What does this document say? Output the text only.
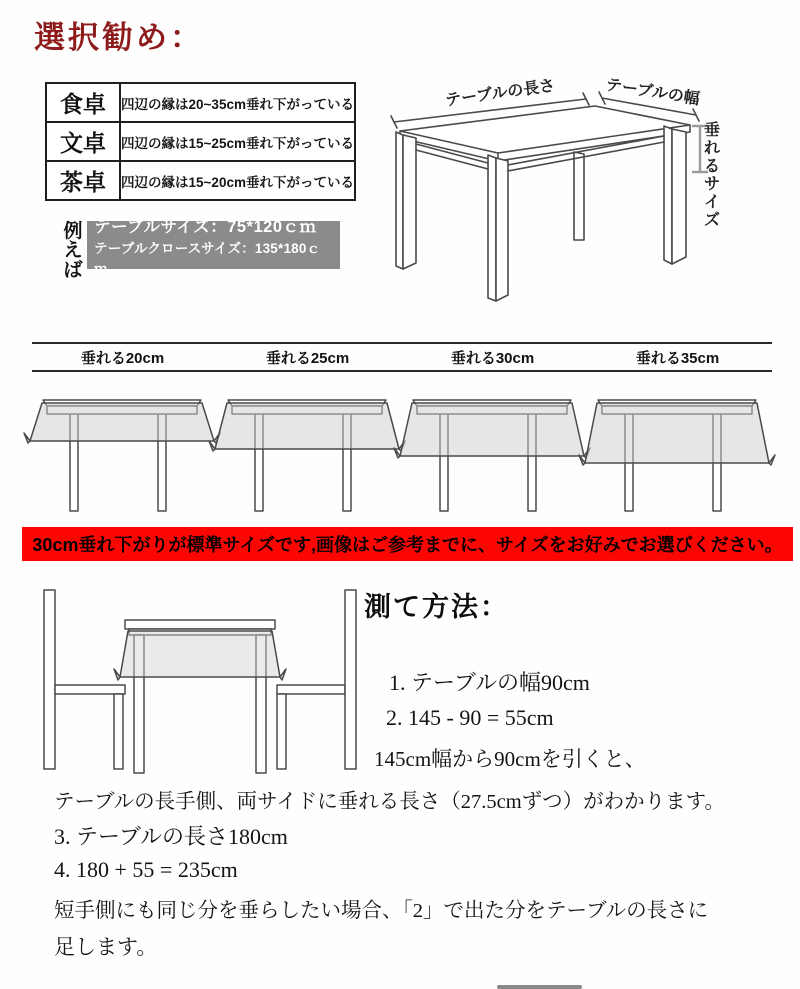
選択勧め：
食卓	四辺の縁は20~35cm垂れ下がっている
文卓	四辺の縁は15~25cm垂れ下がっている
茶卓	四辺の縁は15~20cm垂れ下がっている
例えば
テーブルサイズ：75*120ｃｍ
テーブルクロースサイズ：135*180ｃｍ
テーブルの長さ	テーブルの幅
垂れるサイズ
垂れる20cm	垂れる25cm	垂れる30cm	垂れる35cm
30cm垂れ下がりが標準サイズです,画像はご参考までに、サイズをお好みでお選びください。
測て方法：
1. テーブルの幅90cm
2. 145 - 90 = 55cm
145cm幅から90cmを引くと、
テーブルの長手側、両サイドに垂れる長さ（27.5cmずつ）がわかります。
3. テーブルの長さ180cm
4. 180 + 55 = 235cm
短手側にも同じ分を垂らしたい場合、「2」で出た分をテーブルの長さに
足します。
